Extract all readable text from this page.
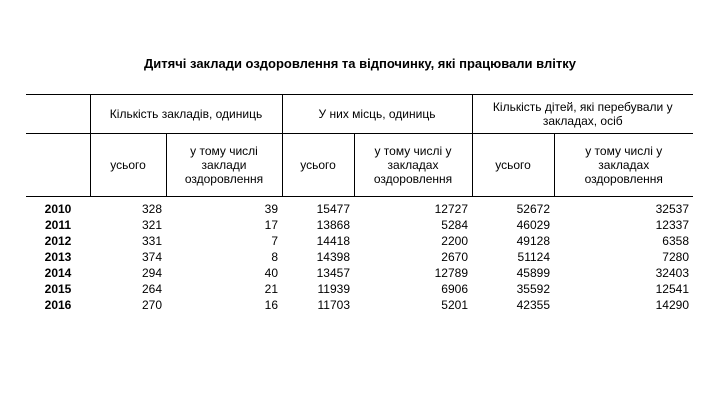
Дитячі заклади оздоровлення та відпочинку, які працювали влітку
	Кількість закладів, одиниць		У них місць, одиниць		Кількість дітей, які перебували у закладах, осіб	
	усього	у тому числі заклади оздоровлення	усього	у тому числі у закладах оздоровлення	усього	у тому числі у закладах оздоровлення
2010	328	39	15477	12727	52672	32537
2011	321	17	13868	5284	46029	12337
2012	331	7	14418	2200	49128	6358
2013	374	8	14398	2670	51124	7280
2014	294	40	13457	12789	45899	32403
2015	264	21	11939	6906	35592	12541
2016	270	16	11703	5201	42355	14290
